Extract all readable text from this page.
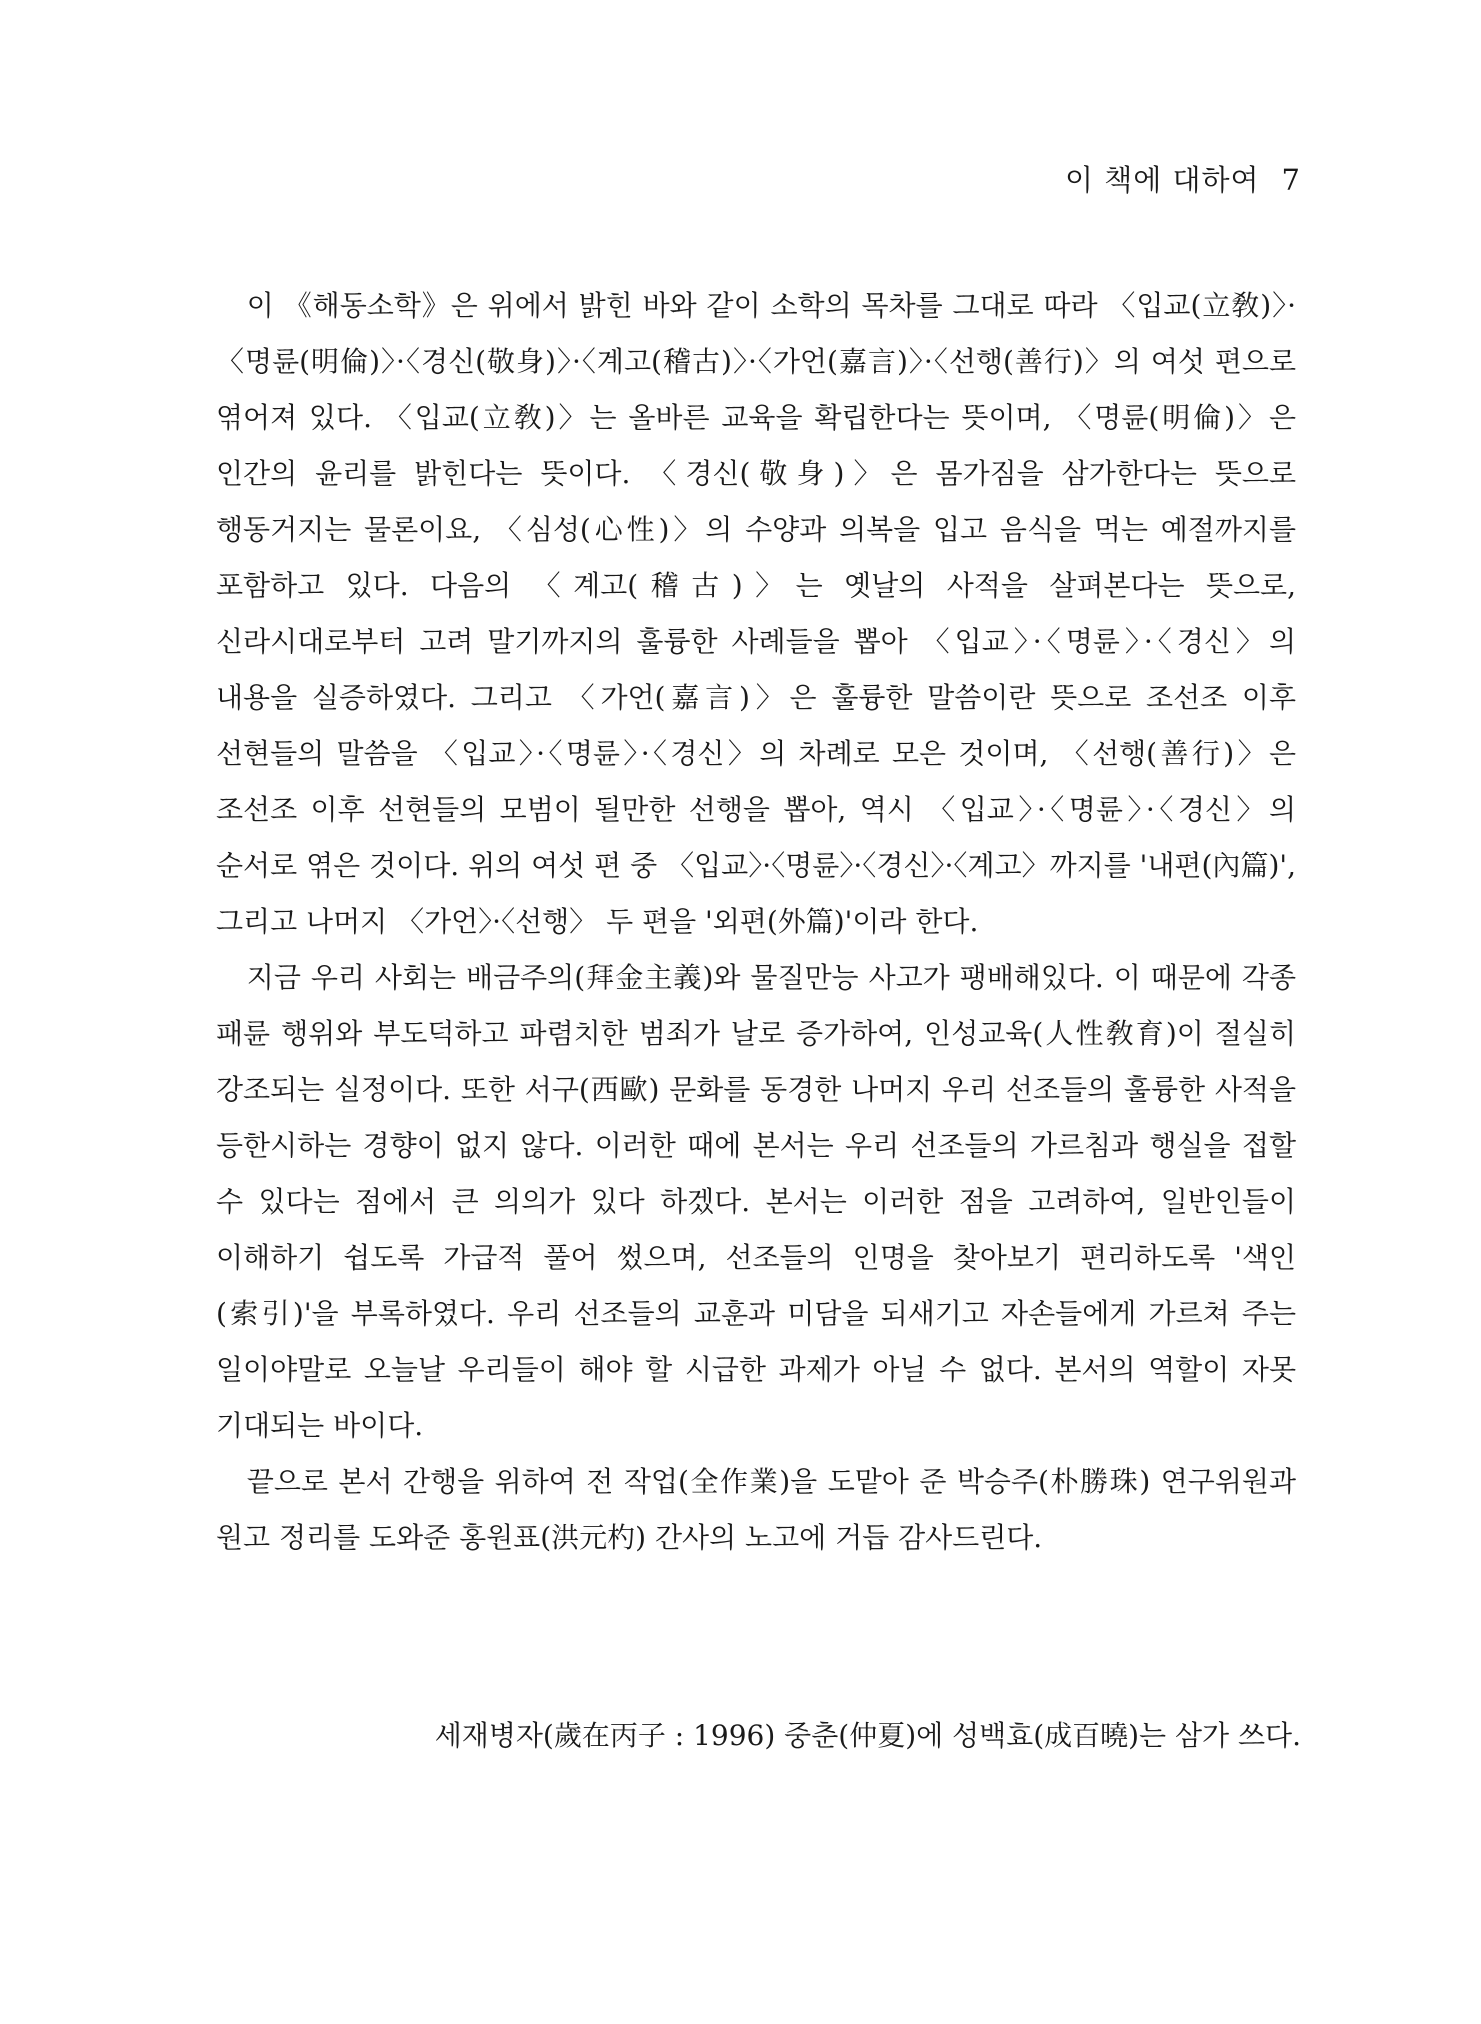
이 책에 대하여 7

이 《해동소학》은 위에서 밝힌 바와 같이 소학의 목차를 그대로 따라 〈입교(立敎)〉·〈명륜(明倫)〉·〈경신(敬身)〉·〈계고(稽古)〉·〈가언(嘉言)〉·〈선행(善行)〉의 여섯 편으로 엮어져 있다. 〈입교(立敎)〉는 올바른 교육을 확립한다는 뜻이며, 〈명륜(明倫)〉은 인간의 윤리를 밝힌다는 뜻이다. 〈경신(敬身)〉은 몸가짐을 삼가한다는 뜻으로 행동거지는 물론이요, 〈심성(心性)〉의 수양과 의복을 입고 음식을 먹는 예절까지를 포함하고 있다. 다음의 〈계고(稽古)〉는 옛날의 사적을 살펴본다는 뜻으로, 신라시대로부터 고려 말기까지의 훌륭한 사례들을 뽑아 〈입교〉·〈명륜〉·〈경신〉의 내용을 실증하였다. 그리고 〈가언(嘉言)〉은 훌륭한 말씀이란 뜻으로 조선조 이후 선현들의 말씀을 〈입교〉·〈명륜〉·〈경신〉의 차례로 모은 것이며, 〈선행(善行)〉은 조선조 이후 선현들의 모범이 될만한 선행을 뽑아, 역시 〈입교〉·〈명륜〉·〈경신〉의 순서로 엮은 것이다. 위의 여섯 편 중 〈입교〉·〈명륜〉·〈경신〉·〈계고〉까지를 '내편(內篇)', 그리고 나머지 〈가언〉·〈선행〉 두 편을 '외편(外篇)'이라 한다.

지금 우리 사회는 배금주의(拜金主義)와 물질만능 사고가 팽배해있다. 이 때문에 각종 패륜 행위와 부도덕하고 파렴치한 범죄가 날로 증가하여, 인성교육(人性敎育)이 절실히 강조되는 실정이다. 또한 서구(西歐) 문화를 동경한 나머지 우리 선조들의 훌륭한 사적을 등한시하는 경향이 없지 않다. 이러한 때에 본서는 우리 선조들의 가르침과 행실을 접할 수 있다는 점에서 큰 의의가 있다 하겠다. 본서는 이러한 점을 고려하여, 일반인들이 이해하기 쉽도록 가급적 풀어 썼으며, 선조들의 인명을 찾아보기 편리하도록 '색인(索引)'을 부록하였다. 우리 선조들의 교훈과 미담을 되새기고 자손들에게 가르쳐 주는 일이야말로 오늘날 우리들이 해야 할 시급한 과제가 아닐 수 없다. 본서의 역할이 자못 기대되는 바이다.

끝으로 본서 간행을 위하여 전 작업(全作業)을 도맡아 준 박승주(朴勝珠) 연구위원과 원고 정리를 도와준 홍원표(洪元杓) 간사의 노고에 거듭 감사드린다.

세재병자(歲在丙子 : 1996) 중춘(仲夏)에 성백효(成百曉)는 삼가 쓰다.
